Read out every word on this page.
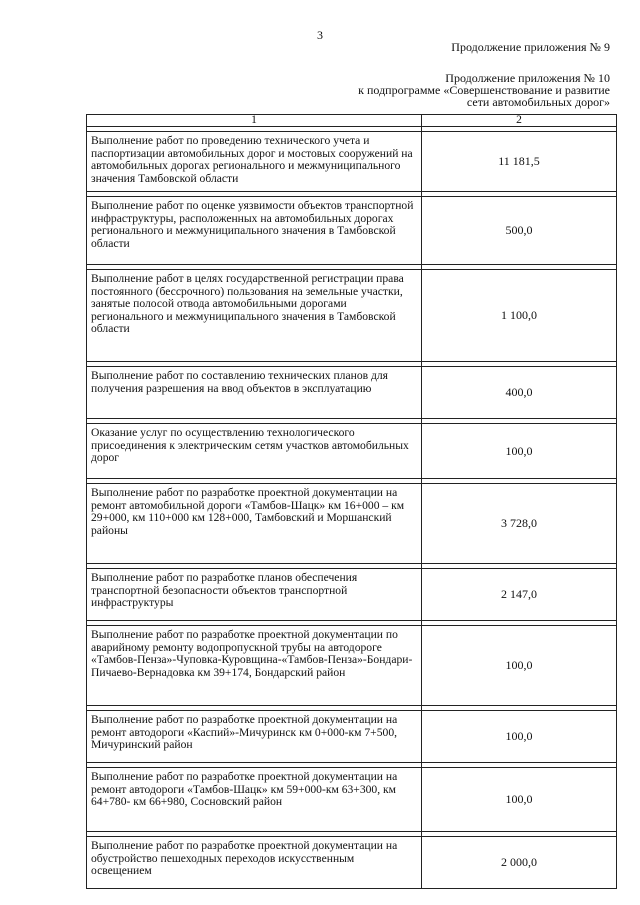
3
Продолжение приложения № 9
Продолжение приложения № 10
к подпрограмме «Совершенствование и развитие
сети автомобильных дорог»
1	2

Выполнение работ по проведению технического учета и паспортизации автомобильных дорог и мостовых сооружений на автомобильных дорогах регионального и межмуниципального значения Тамбовской области	11 181,5

Выполнение работ по оценке уязвимости объектов транспортной инфраструктуры, расположенных на автомобильных дорогах регионального и межмуниципального значения в Тамбовской области	500,0

Выполнение работ в целях государственной регистрации права постоянного (бессрочного) пользования на земельные участки, занятые полосой отвода автомобильными дорогами регионального и межмуниципального значения в Тамбовской области	1 100,0

Выполнение работ по составлению технических планов для получения разрешения на ввод объектов в эксплуатацию	400,0

Оказание услуг по осуществлению технологического присоединения к электрическим сетям участков автомобильных дорог	100,0

Выполнение работ по разработке проектной документации на ремонт автомобильной дороги «Тамбов-Шацк» км 16+000 – км 29+000, км 110+000 км 128+000, Тамбовский и Моршанский районы	3 728,0

Выполнение работ по разработке планов обеспечения транспортной безопасности объектов транспортной инфраструктуры	2 147,0

Выполнение работ по разработке проектной документации по аварийному ремонту водопропускной трубы на автодороге «Тамбов-Пенза»-Чуповка-Куровщина-«Тамбов-Пенза»-Бондари-Пичаево-Вернадовка км 39+174, Бондарский район	100,0

Выполнение работ по разработке проектной документации на ремонт автодороги «Каспий»-Мичуринск км 0+000-км 7+500, Мичуринский район	100,0

Выполнение работ по разработке проектной документации на ремонт автодороги «Тамбов-Шацк» км 59+000-км 63+300, км 64+780- км 66+980, Сосновский район	100,0

Выполнение работ по разработке проектной документации на обустройство пешеходных переходов искусственным освещением	2 000,0
